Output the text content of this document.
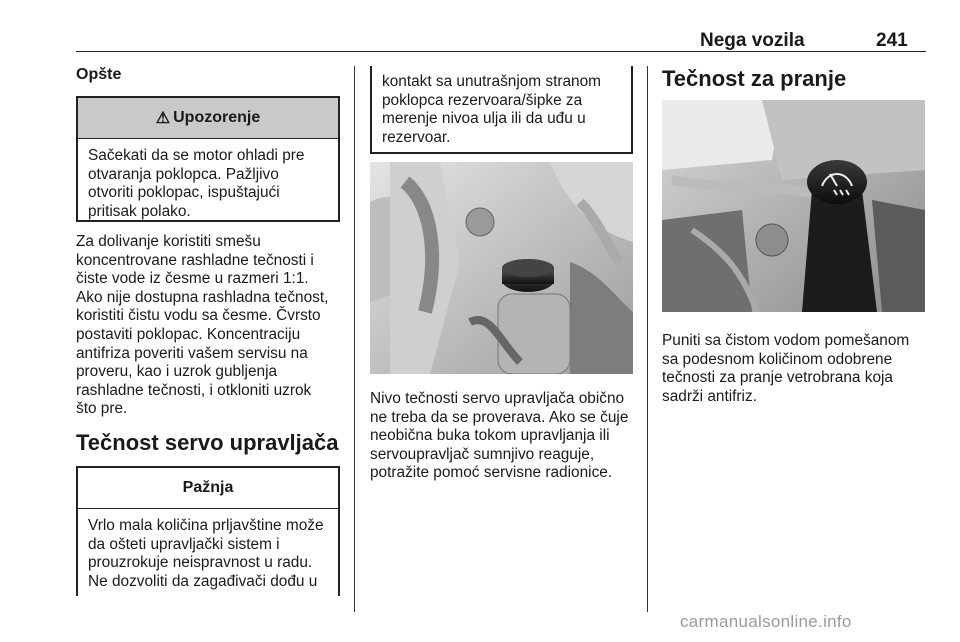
Nega vozila	241
Opšte
⚠ Upozorenje
Sačekati da se motor ohladi pre
otvaranja poklopca. Pažljivo
otvoriti poklopac, ispuštajući
pritisak polako.
Za dolivanje koristiti smešu
koncentrovane rashladne tečnosti i
čiste vode iz česme u razmeri 1:1.
Ako nije dostupna rashladna tečnost,
koristiti čistu vodu sa česme. Čvrsto
postaviti poklopac. Koncentraciju
antifriza poveriti vašem servisu na
proveru, kao i uzrok gubljenja
rashladne tečnosti, i otkloniti uzrok
što pre.
Tečnost servo upravljača
Pažnja
Vrlo mala količina prljavštine može
da ošteti upravljački sistem i
prouzrokuje neispravnost u radu.
Ne dozvoliti da zagađivači dođu u
kontakt sa unutrašnjom stranom
poklopca rezervoara/šipke za
merenje nivoa ulja ili da uđu u
rezervoar.
Nivo tečnosti servo upravljača obično
ne treba da se proverava. Ako se čuje
neobična buka tokom upravljanja ili
servoupravljač sumnjivo reaguje,
potražite pomoć servisne radionice.
Tečnost za pranje
Puniti sa čistom vodom pomešanom
sa podesnom količinom odobrene
tečnosti za pranje vetrobrana koja
sadrži antifriz.
carmanualsonline.info
